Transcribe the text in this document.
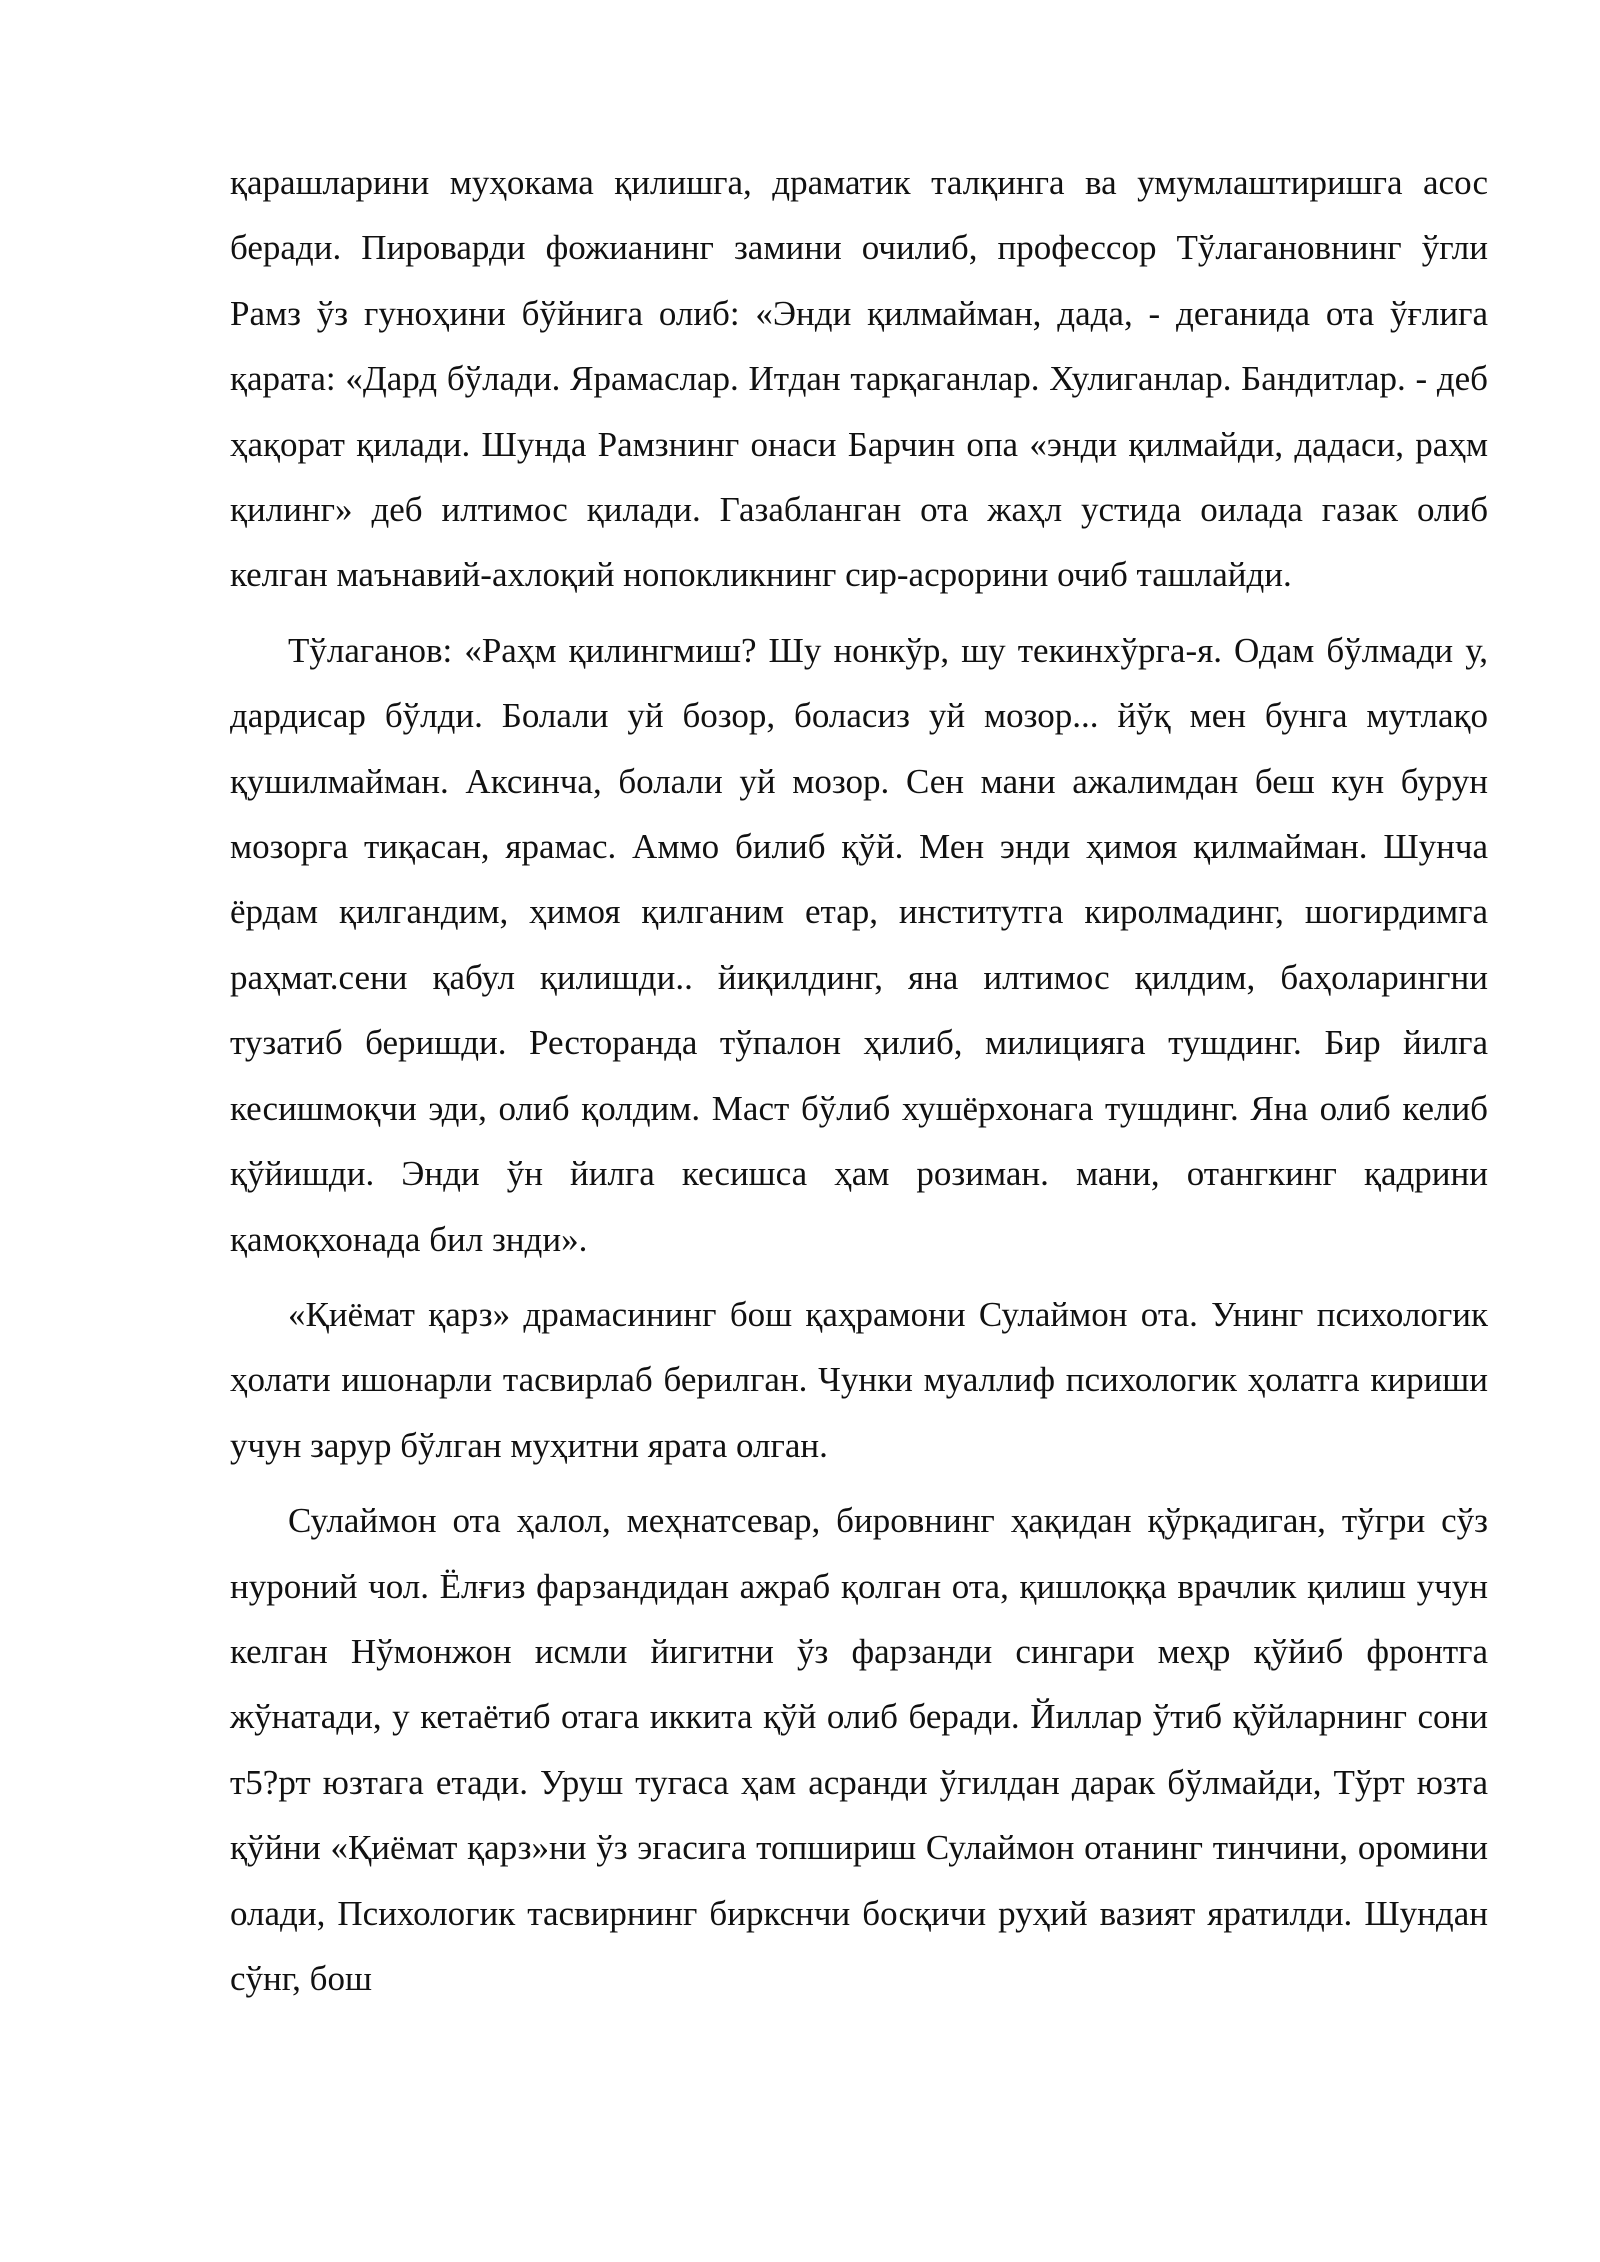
қарашларини муҳокама қилишга, драматик талқинга ва умумлаштиришга асос беради. Пироварди фожианинг замини очилиб, профессор Тўлагановнинг ўгли Рамз ўз гуноҳини бўйнига олиб: «Энди қилмайман, дада, - деганида ота ўғлига қарата: «Дард бўлади. Ярамаслар. Итдан тарқаганлар. Хулиганлар. Бандитлар. - деб ҳақорат қилади. Шунда Рамзнинг онаси Барчин опа «энди қилмайди, дадаси, раҳм қилинг» деб илтимос қилади. Газабланган ота жаҳл устида оилада газак олиб келган маънавий-ахлоқий нопокликнинг сир-асрорини очиб ташлайди.

Тўлаганов: «Раҳм қилингмиш? Шу нонкўр, шу текинхўрга-я. Одам бўлмади у, дардисар бўлди. Болали уй бозор, боласиз уй мозор... йўқ мен бунга мутлақо қушилмайман. Аксинча, болали уй мозор. Сен мани ажалимдан беш кун бурун мозорга тиқасан, ярамас. Аммо билиб қўй. Мен энди ҳимоя қилмайман. Шунча ёрдам қилгандим, ҳимоя қилганим етар, институтга киролмадинг, шогирдимга раҳмат.сени қабул қилишди.. йиқилдинг, яна илтимос қилдим, баҳоларингни тузатиб беришди. Ресторанда тўпалон ҳилиб, милицияга тушдинг. Бир йилга кесишмоқчи эди, олиб қолдим. Маст бўлиб хушёрхонага тушдинг. Яна олиб келиб қўйишди. Энди ўн йилга кесишса ҳам розиман. мани, отангкинг қадрини қамоқхонада бил знди».

«Қиёмат қарз» драмасининг бош қаҳрамони Сулаймон ота. Унинг психологик ҳолати ишонарли тасвирлаб берилган. Чунки муаллиф психологик ҳолатга кириши учун зарур бўлган муҳитни ярата олган.

Сулаймон ота ҳалол, меҳнатсевар, бировнинг ҳақидан қўрқадиган, тўгри сўз нуроний чол. Ёлғиз фарзандидан ажраб қолган ота, қишлоққа врачлик қилиш учун келган Нўмонжон исмли йигитни ўз фарзанди сингари меҳр қўйиб фронтга жўнатади, у кетаётиб отага иккита қўй олиб беради. Йиллар ўтиб қўйларнинг сони т5?рт юзтага етади. Уруш тугаса ҳам асранди ўгилдан дарак бўлмайди, Тўрт юзта қўйни «Қиёмат қарз»ни ўз эгасига топшириш Сулаймон отанинг тинчини, оромини олади, Психологик тасвирнинг биркснчи босқичи руҳий вазият яратилди. Шундан сўнг, бош
